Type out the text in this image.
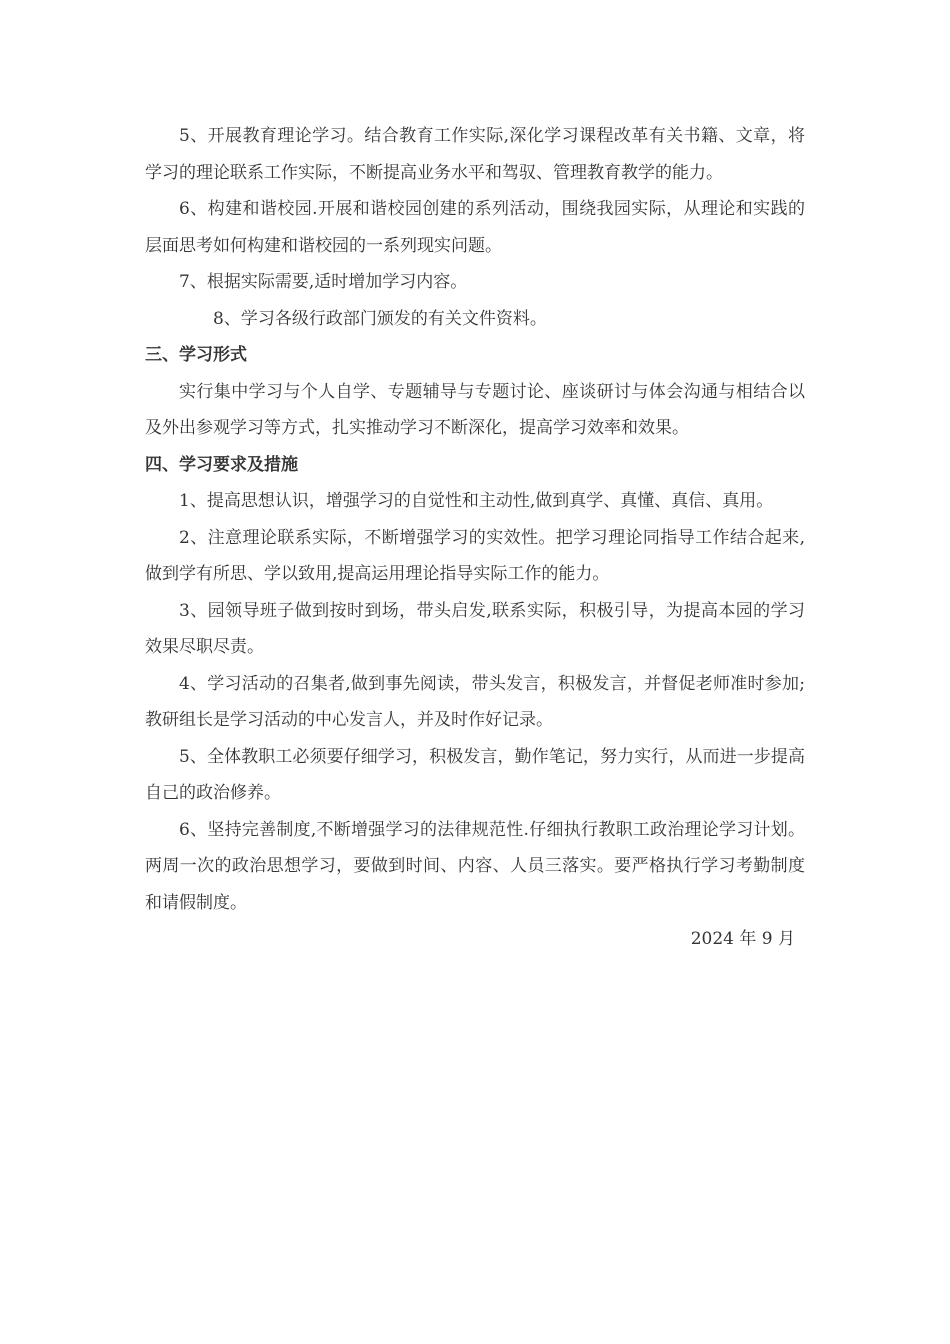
5、开展教育理论学习。结合教育工作实际,深化学习课程改革有关书籍、文章，将学习的理论联系工作实际，不断提高业务水平和驾驭、管理教育教学的能力。

6、构建和谐校园.开展和谐校园创建的系列活动，围绕我园实际，从理论和实践的层面思考如何构建和谐校园的一系列现实问题。

7、根据实际需要,适时增加学习内容。

8、学习各级行政部门颁发的有关文件资料。

三、学习形式

实行集中学习与个人自学、专题辅导与专题讨论、座谈研讨与体会沟通与相结合以及外出参观学习等方式，扎实推动学习不断深化，提高学习效率和效果。

四、学习要求及措施

1、提高思想认识，增强学习的自觉性和主动性,做到真学、真懂、真信、真用。

2、注意理论联系实际，不断增强学习的实效性。把学习理论同指导工作结合起来,做到学有所思、学以致用,提高运用理论指导实际工作的能力。

3、园领导班子做到按时到场，带头启发,联系实际，积极引导，为提高本园的学习效果尽职尽责。

4、学习活动的召集者,做到事先阅读，带头发言，积极发言，并督促老师准时参加;教研组长是学习活动的中心发言人，并及时作好记录。

5、全体教职工必须要仔细学习，积极发言，勤作笔记，努力实行，从而进一步提高自己的政治修养。

6、坚持完善制度,不断增强学习的法律规范性.仔细执行教职工政治理论学习计划。两周一次的政治思想学习，要做到时间、内容、人员三落实。要严格执行学习考勤制度和请假制度。

2024 年 9 月
